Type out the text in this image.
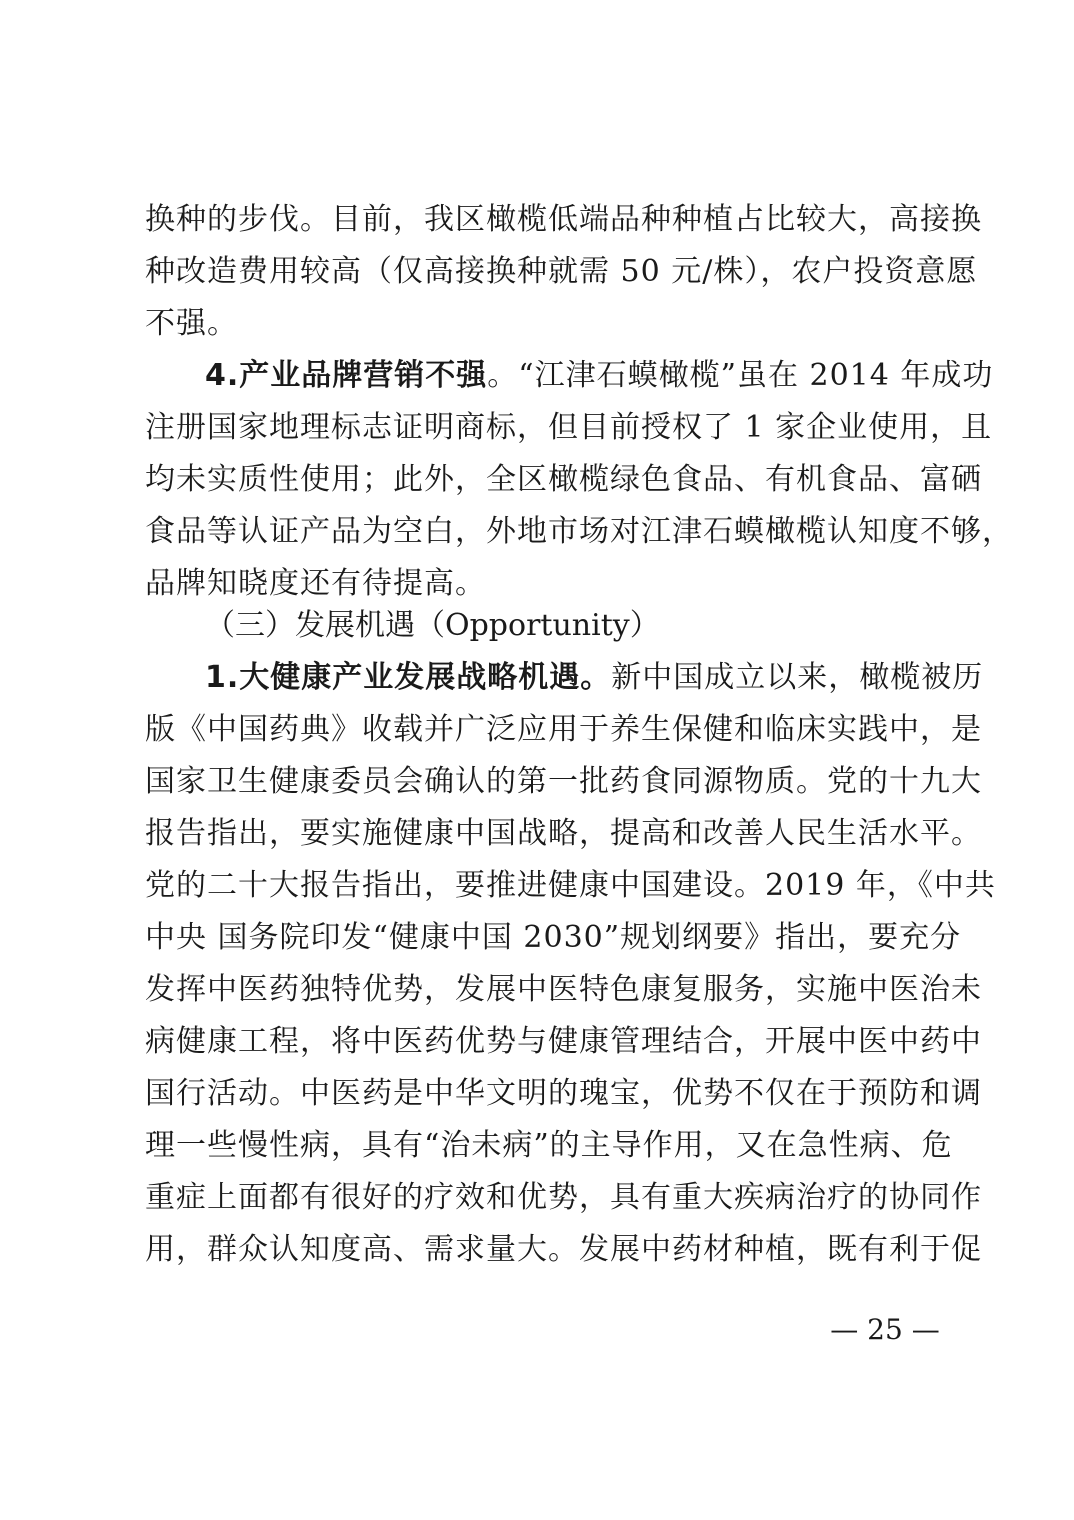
换种的步伐。目前，我区橄榄低端品种种植占比较大，高接换
种改造费用较高（仅高接换种就需 50 元/株），农户投资意愿
不强。
4.产业品牌营销不强。“江津石蟆橄榄”虽在 2014 年成功
注册国家地理标志证明商标，但目前授权了 1 家企业使用，且
均未实质性使用；此外，全区橄榄绿色食品、有机食品、富硒
食品等认证产品为空白，外地市场对江津石蟆橄榄认知度不够，
品牌知晓度还有待提高。
（三）发展机遇（Opportunity）
1.大健康产业发展战略机遇。新中国成立以来，橄榄被历
版《中国药典》收载并广泛应用于养生保健和临床实践中，是
国家卫生健康委员会确认的第一批药食同源物质。党的十九大
报告指出，要实施健康中国战略，提高和改善人民生活水平。
党的二十大报告指出，要推进健康中国建设。2019 年，《中共
中央 国务院印发“健康中国 2030”规划纲要》指出，要充分
发挥中医药独特优势，发展中医特色康复服务，实施中医治未
病健康工程，将中医药优势与健康管理结合，开展中医中药中
国行活动。中医药是中华文明的瑰宝，优势不仅在于预防和调
理一些慢性病，具有“治未病”的主导作用，又在急性病、危
重症上面都有很好的疗效和优势，具有重大疾病治疗的协同作
用，群众认知度高、需求量大。发展中药材种植，既有利于促
— 25 —
